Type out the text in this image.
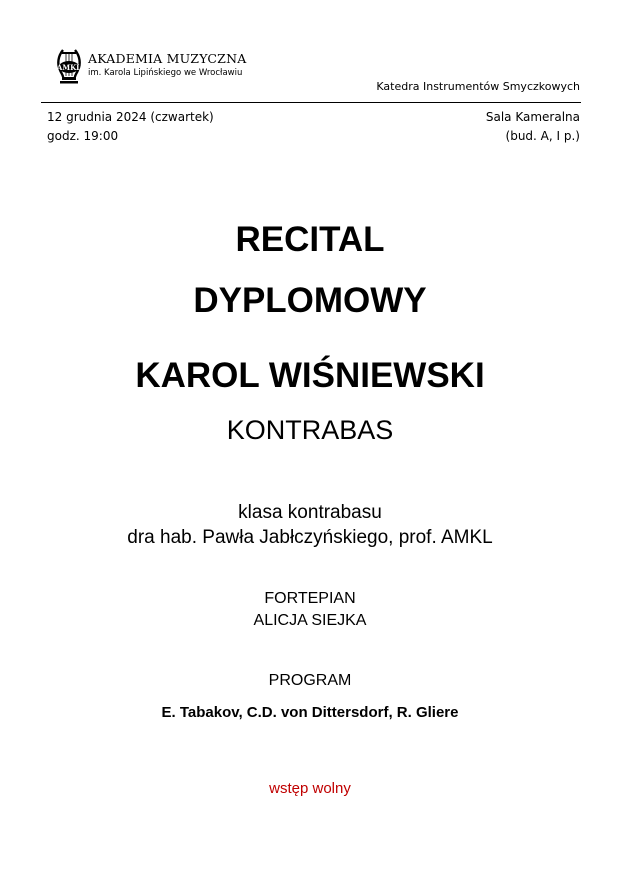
AMKL
AKADEMIA MUZYCZNA
im. Karola Lipińskiego we Wrocławiu
Katedra Instrumentów Smyczkowych
12 grudnia 2024 (czwartek)
godz. 19:00
Sala Kameralna
(bud. A, I p.)
RECITAL
DYPLOMOWY
KAROL WIŚNIEWSKI
KONTRABAS
klasa kontrabasu
dra hab. Pawła Jabłczyńskiego, prof. AMKL
FORTEPIAN
ALICJA SIEJKA
PROGRAM
E. Tabakov, C.D. von Dittersdorf, R. Gliere
wstęp wolny
